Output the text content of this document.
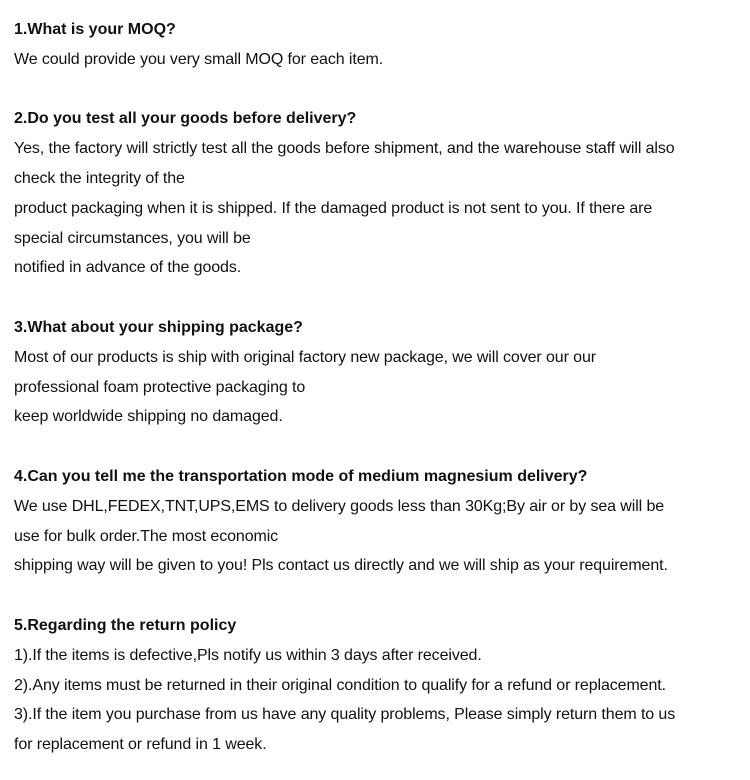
1.What is your MOQ?
We could provide you very small MOQ for each item.
2.Do you test all your goods before delivery?
Yes, the factory will strictly test all the goods before shipment, and the warehouse staff will also
check the integrity of the
product packaging when it is shipped. If the damaged product is not sent to you. If there are
special circumstances, you will be
notified in advance of the goods.
3.What about your shipping package?
Most of our products is ship with original factory new package, we will cover our our
professional foam protective packaging to
keep worldwide shipping no damaged.
4.Can you tell me the transportation mode of medium magnesium delivery?
We use DHL,FEDEX,TNT,UPS,EMS to delivery goods less than 30Kg;By air or by sea will be
use for bulk order.The most economic
shipping way will be given to you! Pls contact us directly and we will ship as your requirement.
5.Regarding the return policy
1).If the items is defective,Pls notify us within 3 days after received.
2).Any items must be returned in their original condition to qualify for a refund or replacement.
3).If the item you purchase from us have any quality problems, Please simply return them to us
for replacement or refund in 1 week.
